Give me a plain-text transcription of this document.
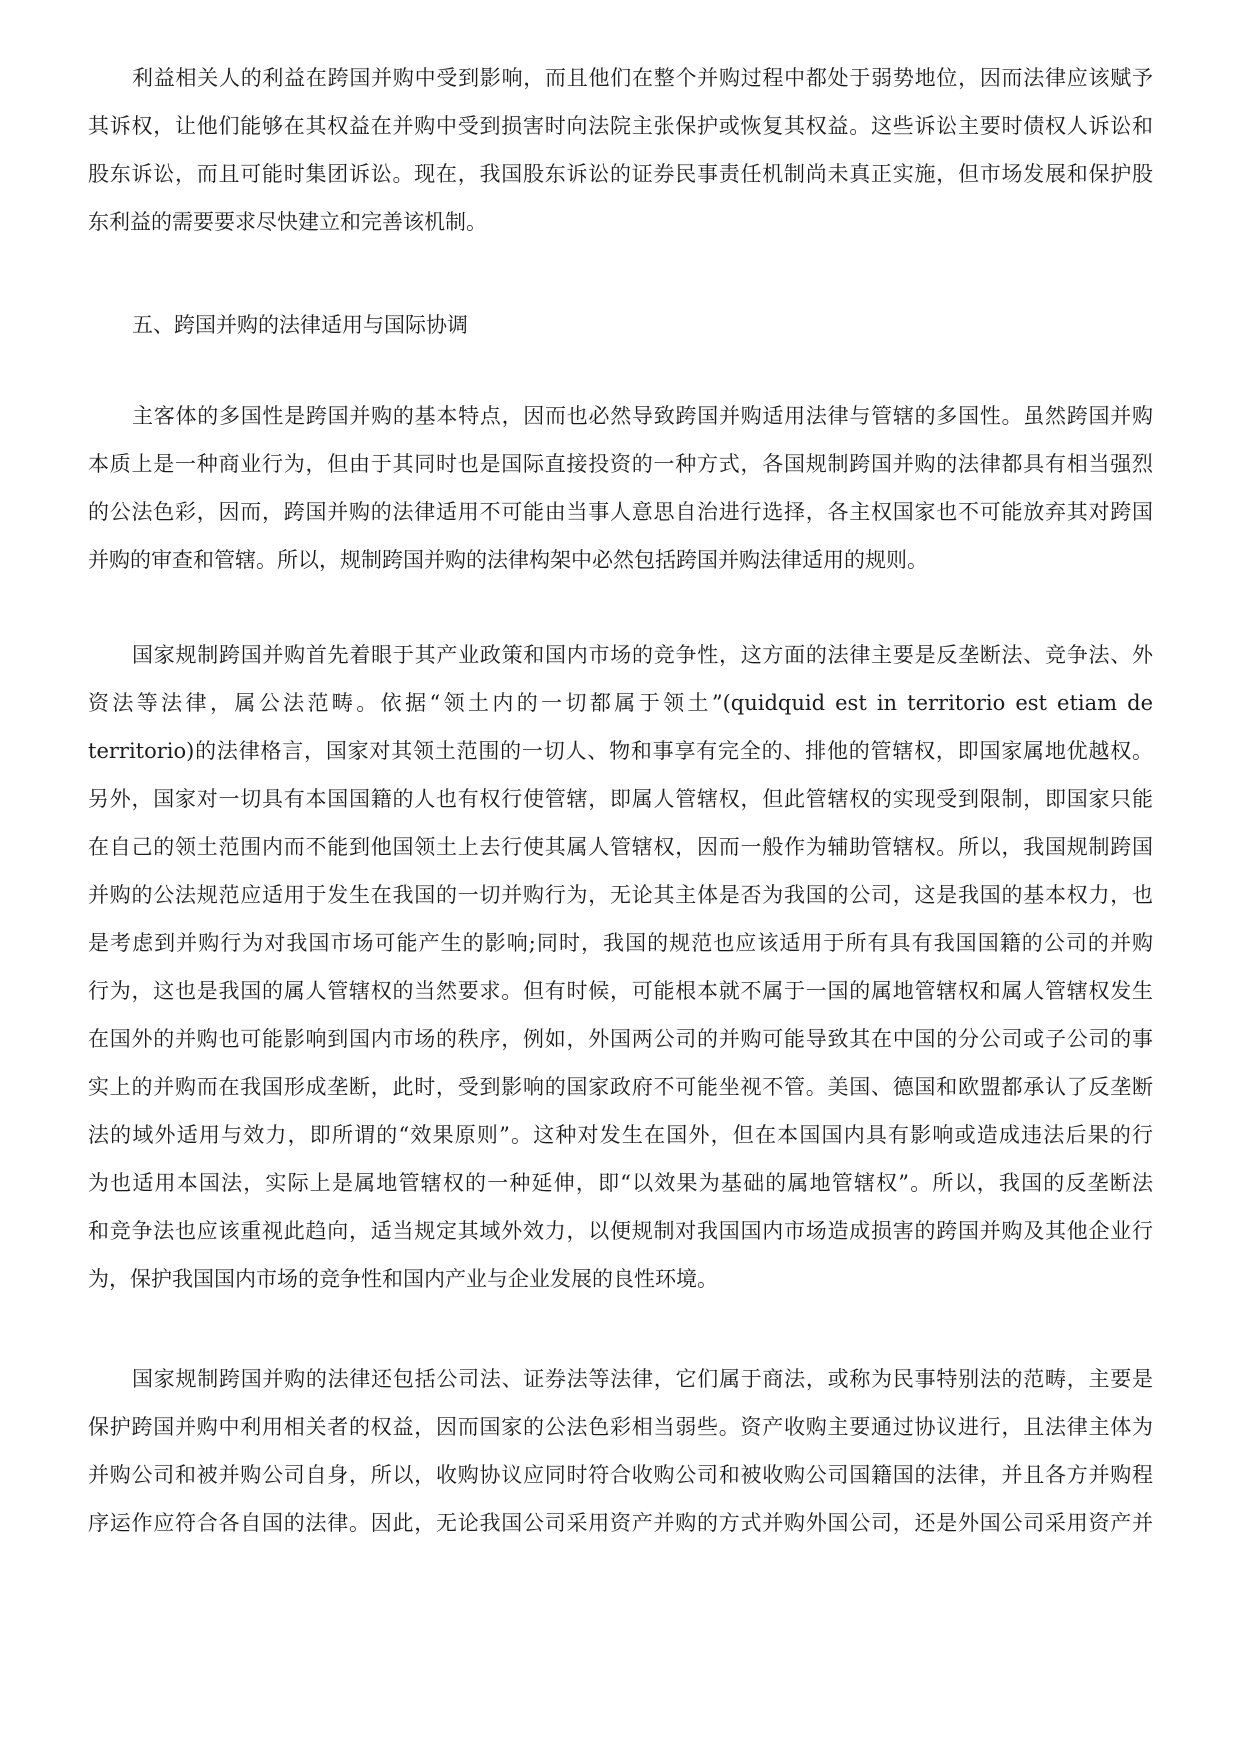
利益相关人的利益在跨国并购中受到影响，而且他们在整个并购过程中都处于弱势地位，因而法律应该赋予
其诉权，让他们能够在其权益在并购中受到损害时向法院主张保护或恢复其权益。这些诉讼主要时债权人诉讼和
股东诉讼，而且可能时集团诉讼。现在，我国股东诉讼的证券民事责任机制尚未真正实施，但市场发展和保护股
东利益的需要要求尽快建立和完善该机制。
五、跨国并购的法律适用与国际协调
主客体的多国性是跨国并购的基本特点，因而也必然导致跨国并购适用法律与管辖的多国性。虽然跨国并购
本质上是一种商业行为，但由于其同时也是国际直接投资的一种方式，各国规制跨国并购的法律都具有相当强烈
的公法色彩，因而，跨国并购的法律适用不可能由当事人意思自治进行选择，各主权国家也不可能放弃其对跨国
并购的审查和管辖。所以，规制跨国并购的法律构架中必然包括跨国并购法律适用的规则。
国家规制跨国并购首先着眼于其产业政策和国内市场的竞争性，这方面的法律主要是反垄断法、竞争法、外
资法等法律，属公法范畴。依据“领土内的一切都属于领土”(quidquid est in territorio est etiam de
territorio)的法律格言，国家对其领土范围的一切人、物和事享有完全的、排他的管辖权，即国家属地优越权。
另外，国家对一切具有本国国籍的人也有权行使管辖，即属人管辖权，但此管辖权的实现受到限制，即国家只能
在自己的领土范围内而不能到他国领土上去行使其属人管辖权，因而一般作为辅助管辖权。所以，我国规制跨国
并购的公法规范应适用于发生在我国的一切并购行为，无论其主体是否为我国的公司，这是我国的基本权力，也
是考虑到并购行为对我国市场可能产生的影响;同时，我国的规范也应该适用于所有具有我国国籍的公司的并购
行为，这也是我国的属人管辖权的当然要求。但有时候，可能根本就不属于一国的属地管辖权和属人管辖权发生
在国外的并购也可能影响到国内市场的秩序，例如，外国两公司的并购可能导致其在中国的分公司或子公司的事
实上的并购而在我国形成垄断，此时，受到影响的国家政府不可能坐视不管。美国、德国和欧盟都承认了反垄断
法的域外适用与效力，即所谓的“效果原则”。这种对发生在国外，但在本国国内具有影响或造成违法后果的行
为也适用本国法，实际上是属地管辖权的一种延伸，即“以效果为基础的属地管辖权”。所以，我国的反垄断法
和竞争法也应该重视此趋向，适当规定其域外效力，以便规制对我国国内市场造成损害的跨国并购及其他企业行
为，保护我国国内市场的竞争性和国内产业与企业发展的良性环境。
国家规制跨国并购的法律还包括公司法、证券法等法律，它们属于商法，或称为民事特别法的范畴，主要是
保护跨国并购中利用相关者的权益，因而国家的公法色彩相当弱些。资产收购主要通过协议进行，且法律主体为
并购公司和被并购公司自身，所以，收购协议应同时符合收购公司和被收购公司国籍国的法律，并且各方并购程
序运作应符合各自国的法律。因此，无论我国公司采用资产并购的方式并购外国公司，还是外国公司采用资产并
